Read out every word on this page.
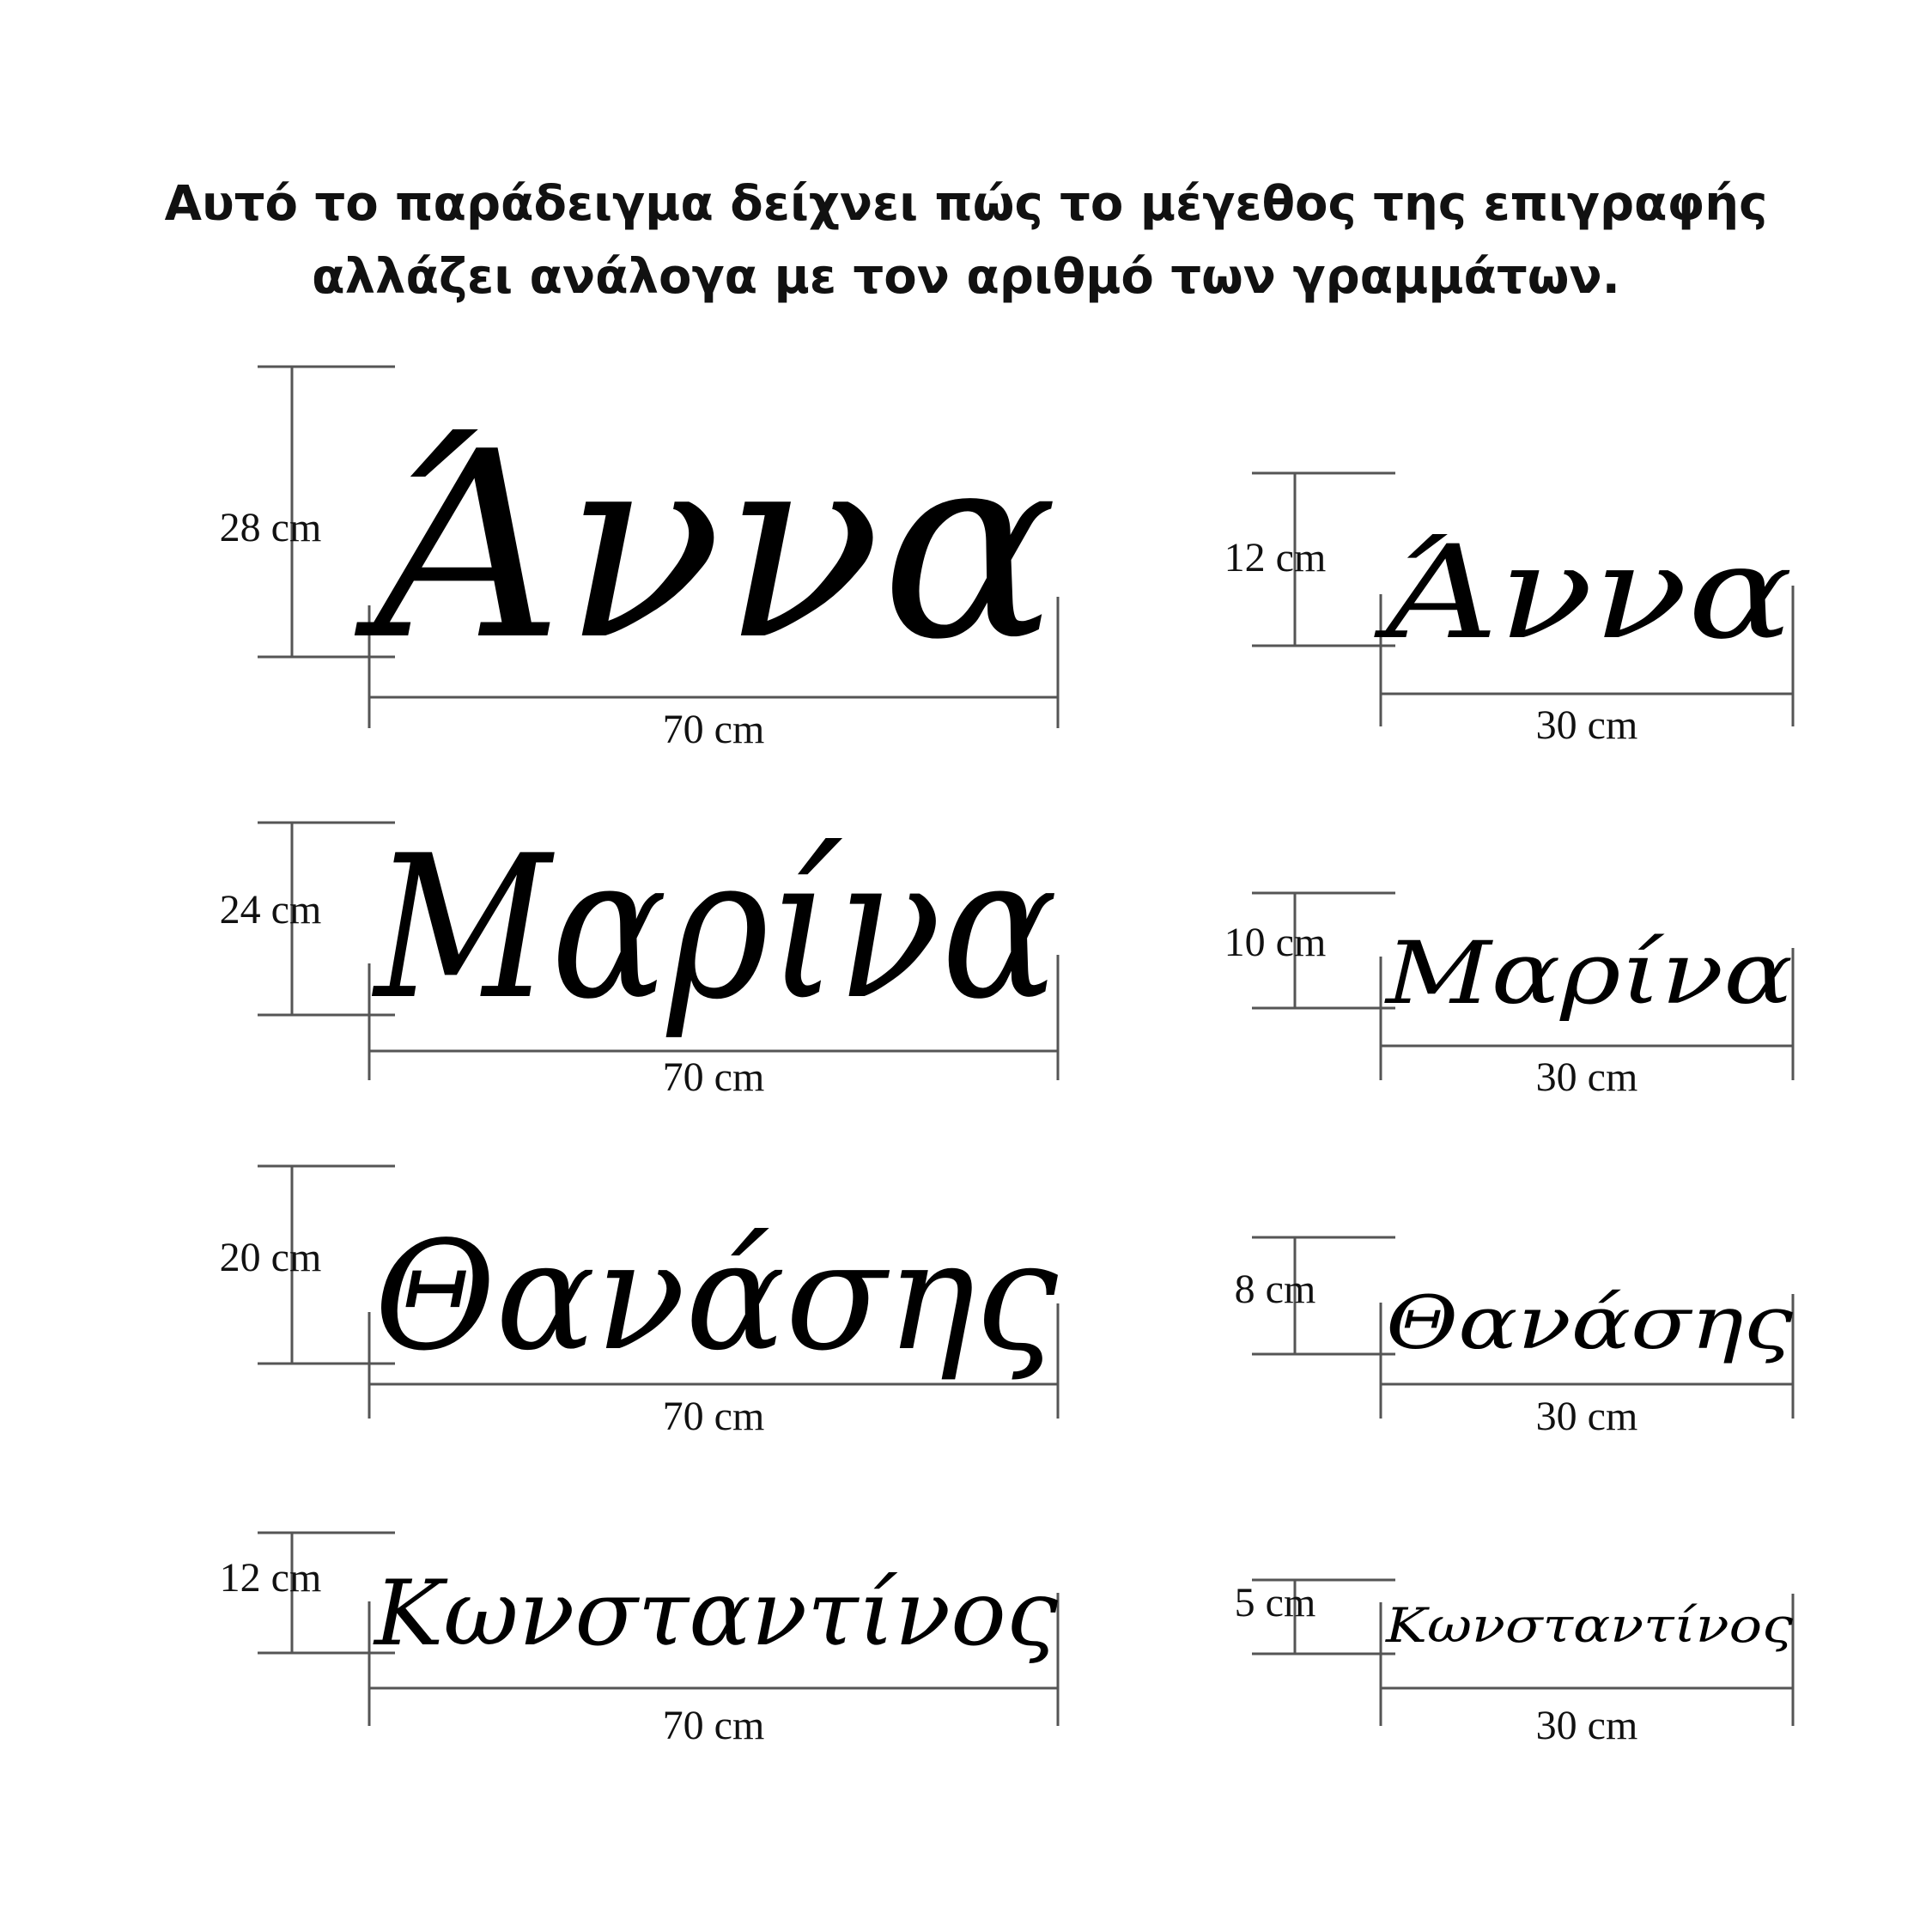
Αυτό το παράδειγμα δείχνει πώς το μέγεθος της επιγραφής
αλλάζει ανάλογα με τον αριθμό των γραμμάτων.
28 cm
70 cm
Άννα	12 cm
30 cm
Άννα
24 cm
70 cm
Μαρίνα	10 cm
30 cm
Μαρίνα
20 cm
70 cm
Θανάσης	8 cm
30 cm
Θανάσης
12 cm
70 cm
Κωνσταντίνος	5 cm
30 cm
Κωνσταντίνος
